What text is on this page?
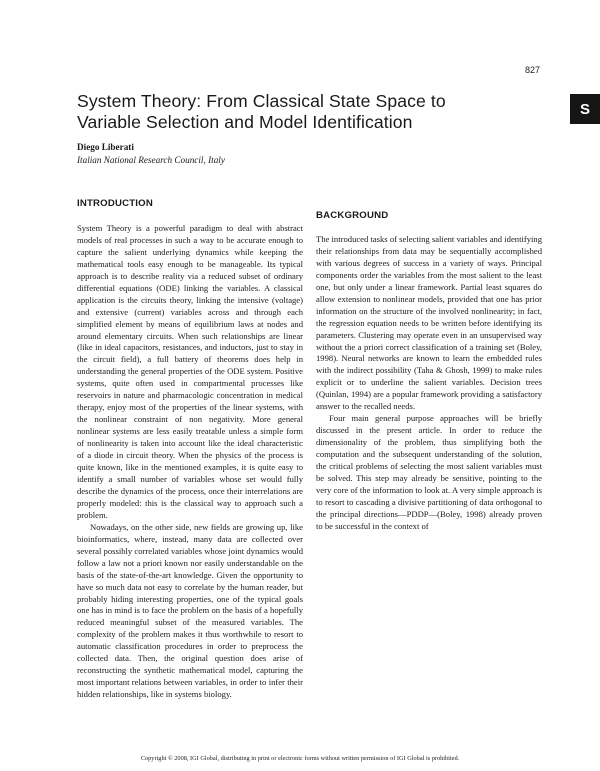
827
S
System Theory: From Classical State Space to
Variable Selection and Model Identification
Diego Liberati
Italian National Research Council, Italy
INTRODUCTION

System Theory is a powerful paradigm to deal with abstract models of real processes in such a way to be accurate enough to capture the salient underlying dynamics while keeping the mathematical tools easy enough to be manageable. Its typical approach is to describe reality via a reduced subset of ordinary differential equations (ODE) linking the variables. A classical application is the circuits theory, linking the intensive (voltage) and extensive (current) variables across and through each simplified element by means of equilibrium laws at nodes and around elementary circuits. When such relationships are linear (like in ideal capacitors, resistances, and inductors, just to stay in the circuit field), a full battery of theorems does help in understanding the general properties of the ODE system. Positive systems, quite often used in compartmental processes like reservoirs in nature and pharmacologic concentration in medical therapy, enjoy most of the properties of the linear systems, with the nonlinear constraint of non negativity. More general nonlinear systems are less easily treatable unless a simple form of nonlinearity is taken into account like the ideal characteristic of a diode in circuit theory. When the physics of the process is quite known, like in the mentioned examples, it is quite easy to identify a small number of variables whose set would fully describe the dynamics of the process, once their interrelations are properly modeled: this is the classical way to approach such a problem.

Nowadays, on the other side, new fields are growing up, like bioinformatics, where, instead, many data are collected over several possibly correlated variables whose joint dynamics would follow a law not a priori known nor easily understandable on the basis of the state-of-the-art knowledge. Given the opportunity to have so much data not easy to correlate by the human reader, but probably hiding interesting properties, one of the typical goals one has in mind is to face the problem on the basis of a hopefully reduced meaningful subset of the measured variables. The complexity of the problem makes it thus worthwhile to resort to automatic classification procedures in order to preprocess the collected data. Then, the original question does arise of reconstructing the synthetic mathematical model, capturing the most important relations between variables, in order to infer their hidden relationships, like in systems biology.

BACKGROUND

The introduced tasks of selecting salient variables and identifying their relationships from data may be sequentially accomplished with various degrees of success in a variety of ways. Principal components order the variables from the most salient to the least one, but only under a linear framework. Partial least squares do allow extension to nonlinear models, provided that one has prior information on the structure of the involved nonlinearity; in fact, the regression equation needs to be written before identifying its parameters. Clustering may operate even in an unsupervised way without the a priori correct classification of a training set (Boley, 1998). Neural networks are known to learn the embedded rules with the indirect possibility (Taha & Ghosh, 1999) to make rules explicit or to underline the salient variables. Decision trees (Quinlan, 1994) are a popular framework providing a satisfactory answer to the recalled needs.

Four main general purpose approaches will be briefly discussed in the present article. In order to reduce the dimensionality of the problem, thus simplifying both the computation and the subsequent understanding of the solution, the critical problems of selecting the most salient variables must be solved. This step may already be sensitive, pointing to the very core of the information to look at. A very simple approach is to resort to cascading a divisive partitioning of data orthogonal to the principal directions—PDDP—(Boley, 1998) already proven to be successful in the context of

Copyright © 2008, IGI Global, distributing in print or electronic forms without written permission of IGI Global is prohibited.
